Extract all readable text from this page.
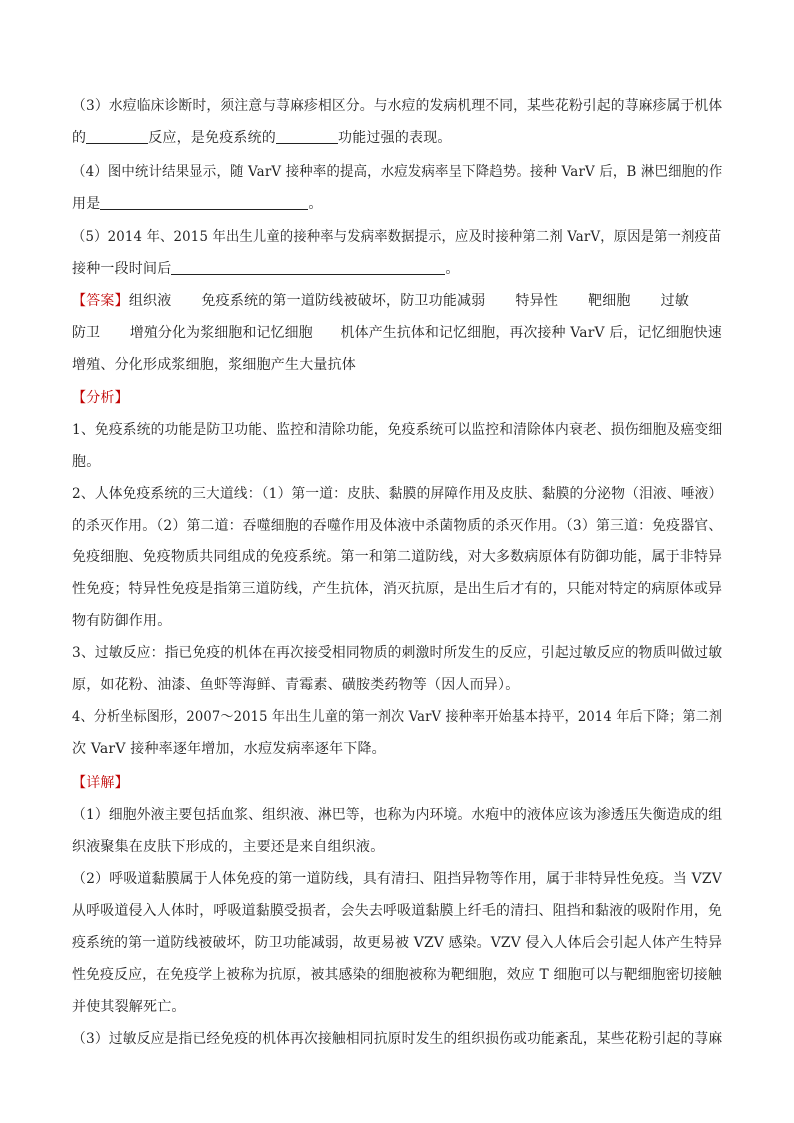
（3）水痘临床诊断时，须注意与荨麻疹相区分。与水痘的发病机理不同，某些花粉引起的荨麻疹属于机体
的	反应，是免疫系统的	功能过强的表现。
（4）图中统计结果显示，随 VarV 接种率的提高，水痘发病率呈下降趋势。接种 VarV 后，B 淋巴细胞的作
用是	。
（5）2014 年、2015 年出生儿童的接种率与发病率数据提示，应及时接种第二剂 VarV，原因是第一剂疫苗
接种一段时间后	。
【答案】组织液 免疫系统的第一道防线被破坏，防卫功能减弱 特异性 靶细胞 过敏
防卫 增殖分化为浆细胞和记忆细胞 机体产生抗体和记忆细胞，再次接种 VarV 后，记忆细胞快速
增殖、分化形成浆细胞，浆细胞产生大量抗体
【分析】
1、免疫系统的功能是防卫功能、监控和清除功能，免疫系统可以监控和清除体内衰老、损伤细胞及癌变细
胞。
2、人体免疫系统的三大道线：（1）第一道：皮肤、黏膜的屏障作用及皮肤、黏膜的分泌物（泪液、唾液）
的杀灭作用。（2）第二道：吞噬细胞的吞噬作用及体液中杀菌物质的杀灭作用。（3）第三道：免疫器官、
免疫细胞、免疫物质共同组成的免疫系统。第一和第二道防线，对大多数病原体有防御功能，属于非特异
性免疫；特异性免疫是指第三道防线，产生抗体，消灭抗原，是出生后才有的，只能对特定的病原体或异
物有防御作用。
3、过敏反应：指已免疫的机体在再次接受相同物质的刺激时所发生的反应，引起过敏反应的物质叫做过敏
原，如花粉、油漆、鱼虾等海鲜、青霉素、磺胺类药物等（因人而异）。
4、分析坐标图形，2007～2015 年出生儿童的第一剂次 VarV 接种率开始基本持平，2014 年后下降；第二剂
次 VarV 接种率逐年增加，水痘发病率逐年下降。
【详解】
（1）细胞外液主要包括血浆、组织液、淋巴等，也称为内环境。水疱中的液体应该为渗透压失衡造成的组
织液聚集在皮肤下形成的，主要还是来自组织液。
（2）呼吸道黏膜属于人体免疫的第一道防线，具有清扫、阻挡异物等作用，属于非特异性免疫。当 VZV
从呼吸道侵入人体时，呼吸道黏膜受损者，会失去呼吸道黏膜上纤毛的清扫、阻挡和黏液的吸附作用，免
疫系统的第一道防线被破坏，防卫功能减弱，故更易被 VZV 感染。VZV 侵入人体后会引起人体产生特异
性免疫反应，在免疫学上被称为抗原，被其感染的细胞被称为靶细胞，效应 T 细胞可以与靶细胞密切接触
并使其裂解死亡。
（3）过敏反应是指已经免疫的机体再次接触相同抗原时发生的组织损伤或功能紊乱，某些花粉引起的荨麻
